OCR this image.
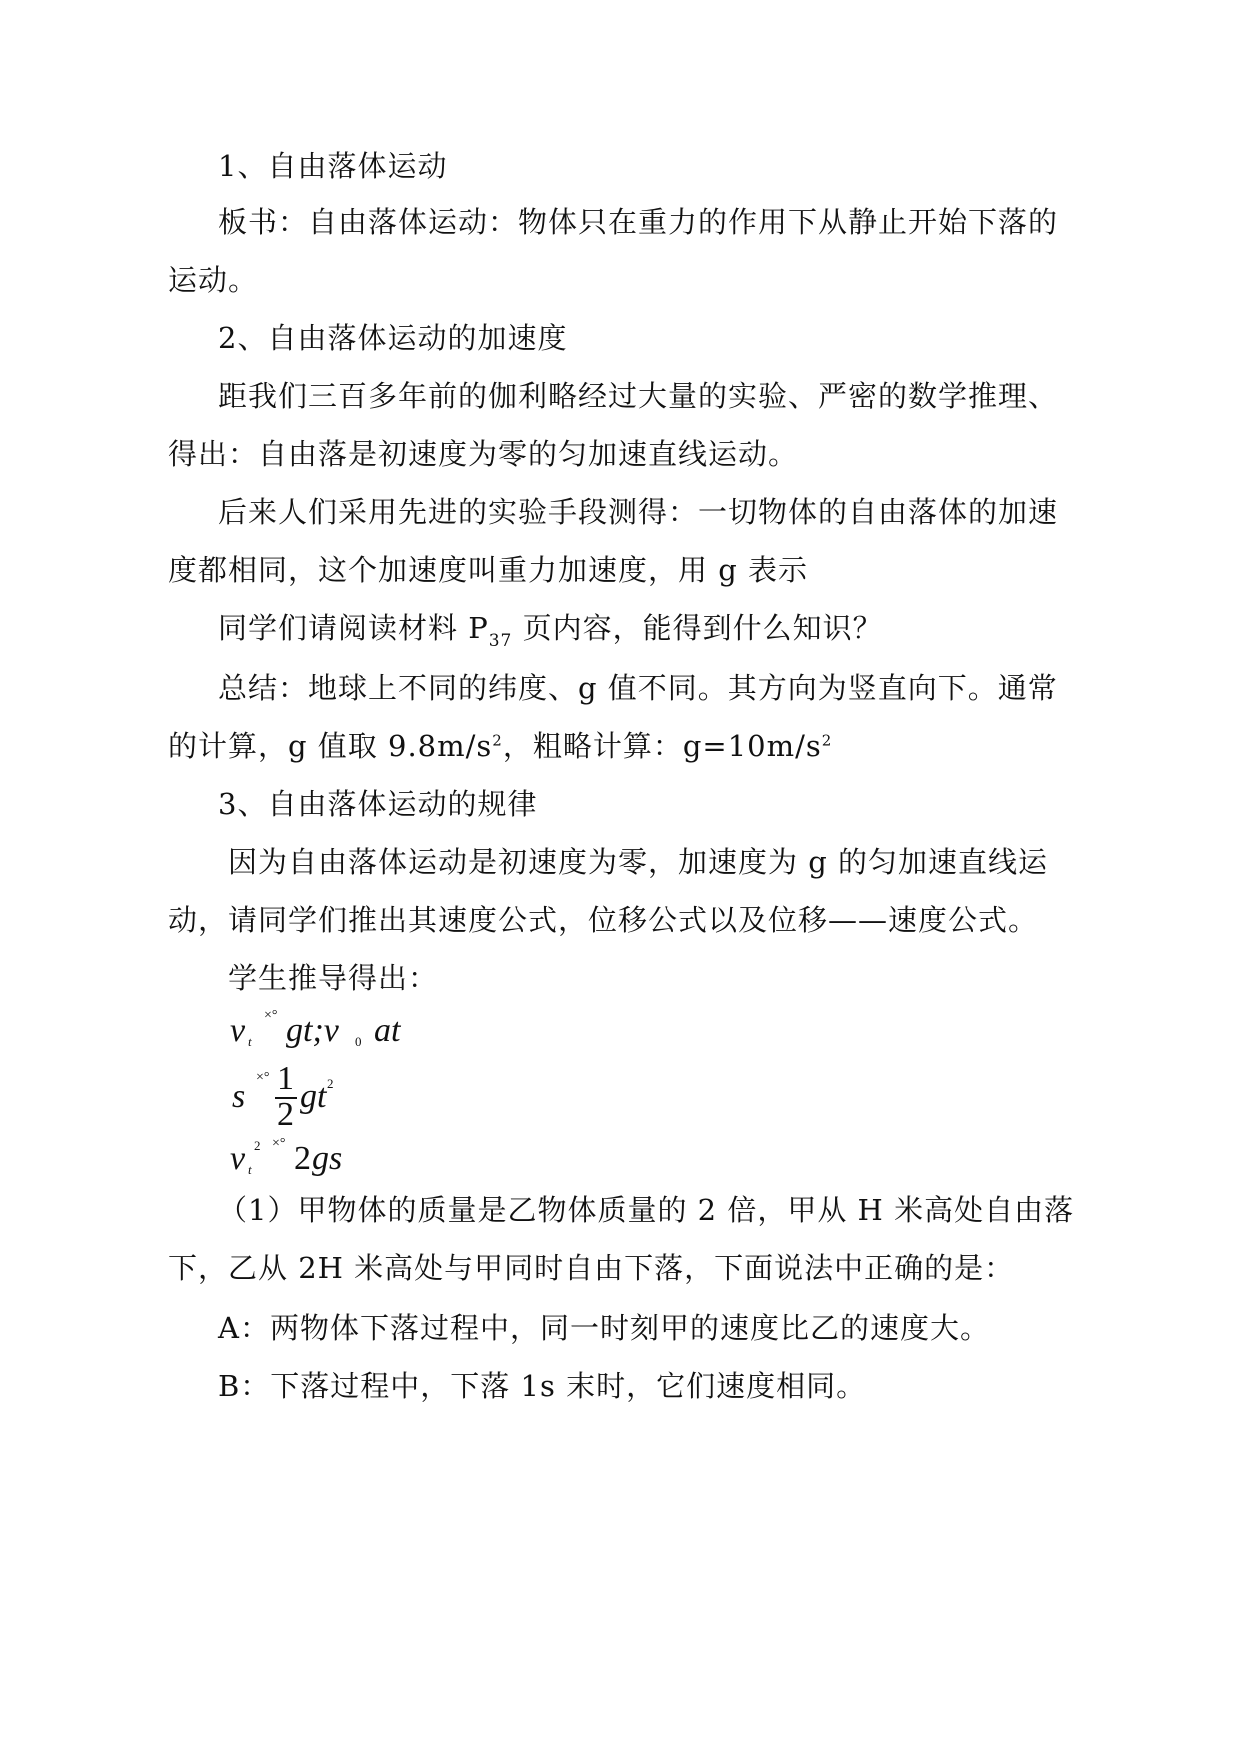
1、自由落体运动
板书：自由落体运动：物体只在重力的作用下从静止开始下落的
运动。
2、自由落体运动的加速度
距我们三百多年前的伽利略经过大量的实验、严密的数学推理、
得出：自由落是初速度为零的匀加速直线运动。
后来人们采用先进的实验手段测得：一切物体的自由落体的加速
度都相同，这个加速度叫重力加速度，用 g 表示
同学们请阅读材料 $P_{37}$ 页内容，能得到什么知识？
总结：地球上不同的纬度、g 值不同。其方向为竖直向下。通常
的计算，g 值取 $9.8m/s^2$，粗略计算：$g=10m/s^2$
3、自由落体运动的规律
因为自由落体运动是初速度为零，加速度为 g 的匀加速直线运
动，请同学们推出其速度公式，位移公式以及位移——速度公式。
学生推导得出：
v t
×° gt;v 0 at
s
×° 1
2 gt 2
v 2
t
×° 2 gs
（1）甲物体的质量是乙物体质量的 2 倍，甲从 H 米高处自由落
下，乙从 2H 米高处与甲同时自由下落，下面说法中正确的是：
A：两物体下落过程中，同一时刻甲的速度比乙的速度大。
B：下落过程中，下落 1s 末时，它们速度相同。
